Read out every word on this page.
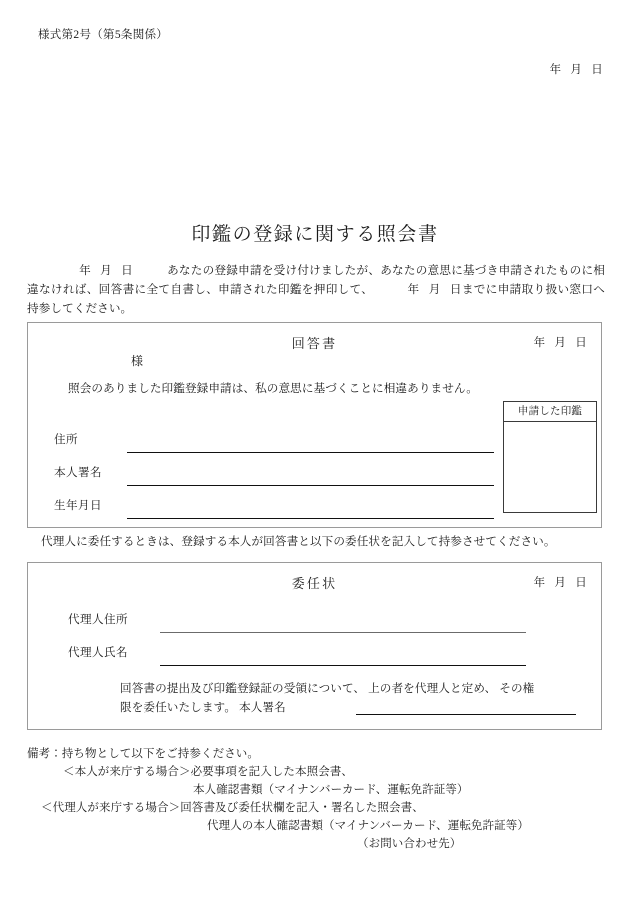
様式第2号（第5条関係）
年 月 日
印鑑の登録に関する照会書
年 月 日	あなたの登録申請を受け付けましたが、あなたの意思に基づき申請されたものに相違なければ、回答書に全て自書し、申請された印鑑を押印して、	年 月 日までに申請取り扱い窓口へ持参してください。
回答書	年 月 日
様
照会のありました印鑑登録申請は、私の意思に基づくことに相違ありません。
住所
本人署名
生年月日
申請した印鑑
代理人に委任するときは、登録する本人が回答書と以下の委任状を記入して持参させてください。
委任状	年 月 日
代理人住所
代理人氏名
回答書の提出及び印鑑登録証の受領について、 上の者を代理人と定め、 その権限を委任いたします。 本人署名
備考：持ち物として以下をご持参ください。
＜本人が来庁する場合＞必要事項を記入した本照会書、
本人確認書類（マイナンバーカード、運転免許証等）
＜代理人が来庁する場合＞回答書及び委任状欄を記入・署名した照会書、
代理人の本人確認書類（マイナンバーカード、運転免許証等）
（お問い合わせ先）
